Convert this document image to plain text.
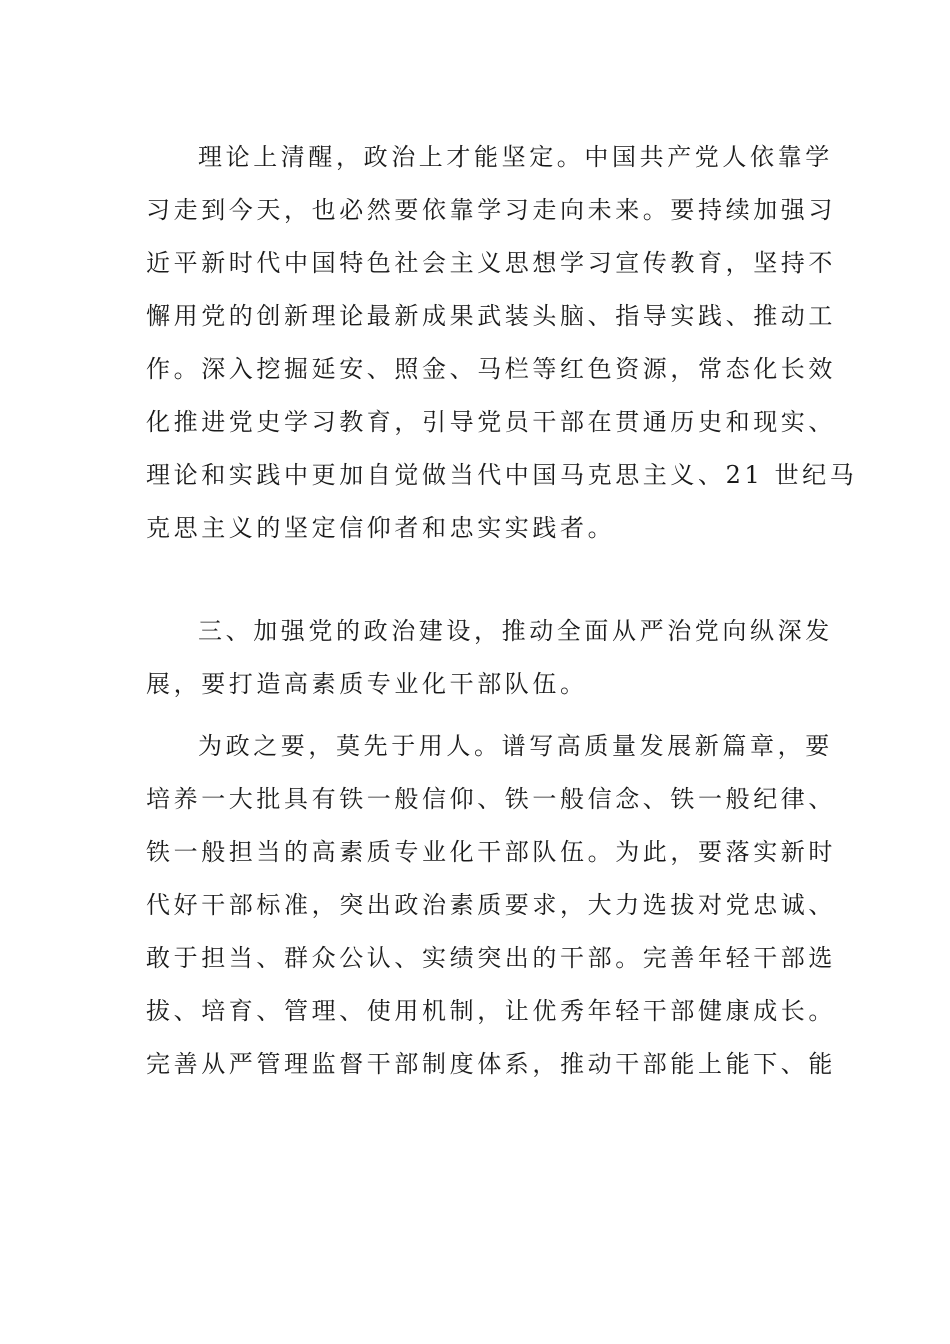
理论上清醒，政治上才能坚定。中国共产党人依靠学
习走到今天，也必然要依靠学习走向未来。要持续加强习
近平新时代中国特色社会主义思想学习宣传教育，坚持不
懈用党的创新理论最新成果武装头脑、指导实践、推动工
作。深入挖掘延安、照金、马栏等红色资源，常态化长效
化推进党史学习教育，引导党员干部在贯通历史和现实、
理论和实践中更加自觉做当代中国马克思主义、21 世纪马
克思主义的坚定信仰者和忠实实践者。
三、加强党的政治建设，推动全面从严治党向纵深发
展，要打造高素质专业化干部队伍。
为政之要，莫先于用人。谱写高质量发展新篇章，要
培养一大批具有铁一般信仰、铁一般信念、铁一般纪律、
铁一般担当的高素质专业化干部队伍。为此，要落实新时
代好干部标准，突出政治素质要求，大力选拔对党忠诚、
敢于担当、群众公认、实绩突出的干部。完善年轻干部选
拔、培育、管理、使用机制，让优秀年轻干部健康成长。
完善从严管理监督干部制度体系，推动干部能上能下、能
